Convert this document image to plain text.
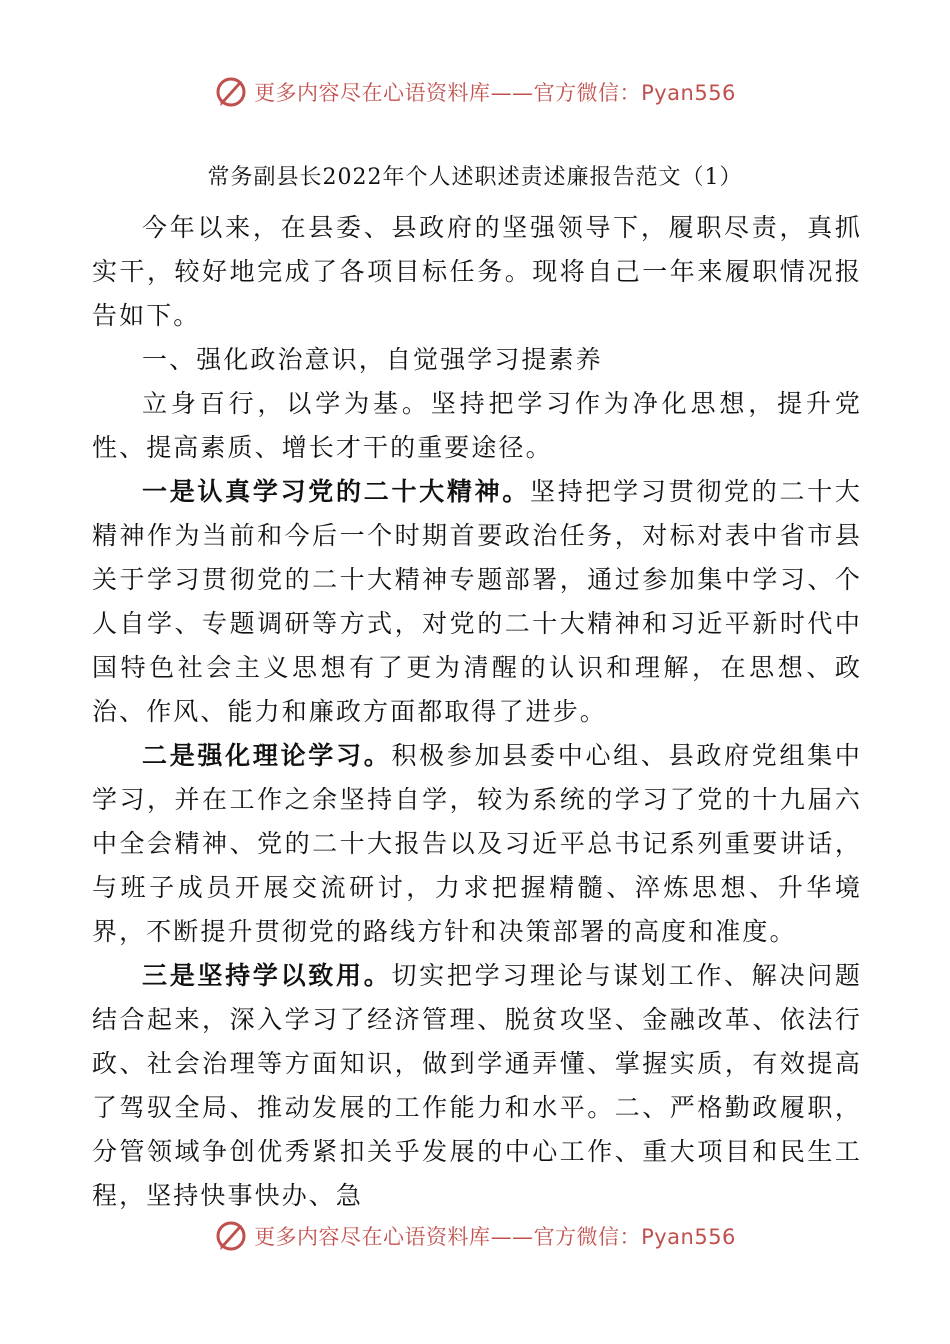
更多内容尽在心语资料库——官方微信：Pyan556
常务副县长2022年个人述职述责述廉报告范文（1）

今年以来，在县委、县政府的坚强领导下，履职尽责，真抓实干，较好地完成了各项目标任务。现将自己一年来履职情况报告如下。

一、强化政治意识，自觉强学习提素养

立身百行，以学为基。坚持把学习作为净化思想，提升党性、提高素质、增长才干的重要途径。

一是认真学习党的二十大精神。坚持把学习贯彻党的二十大精神作为当前和今后一个时期首要政治任务，对标对表中省市县关于学习贯彻党的二十大精神专题部署，通过参加集中学习、个人自学、专题调研等方式，对党的二十大精神和习近平新时代中国特色社会主义思想有了更为清醒的认识和理解，在思想、政治、作风、能力和廉政方面都取得了进步。

二是强化理论学习。积极参加县委中心组、县政府党组集中学习，并在工作之余坚持自学，较为系统的学习了党的十九届六中全会精神、党的二十大报告以及习近平总书记系列重要讲话，与班子成员开展交流研讨，力求把握精髓、淬炼思想、升华境界，不断提升贯彻党的路线方针和决策部署的高度和准度。

三是坚持学以致用。切实把学习理论与谋划工作、解决问题结合起来，深入学习了经济管理、脱贫攻坚、金融改革、依法行政、社会治理等方面知识，做到学通弄懂、掌握实质，有效提高了驾驭全局、推动发展的工作能力和水平。二、严格勤政履职，分管领域争创优秀紧扣关乎发展的中心工作、重大项目和民生工程，坚持快事快办、急

更多内容尽在心语资料库——官方微信：Pyan556
